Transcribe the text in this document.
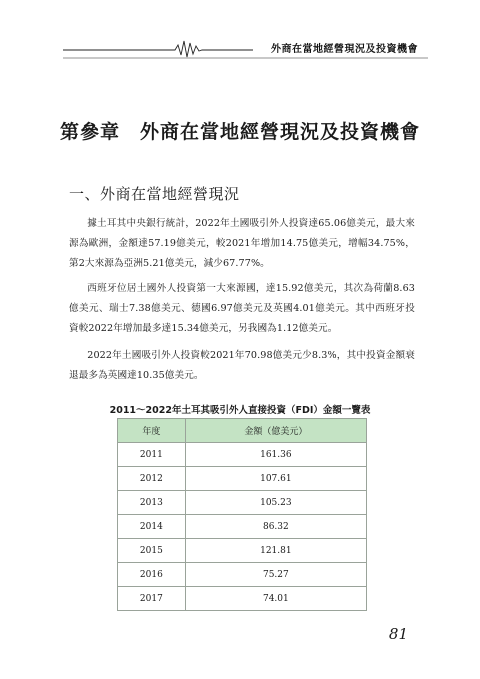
外商在當地經營現況及投資機會
第參章　外商在當地經營現況及投資機會
一、外商在當地經營現況

據土耳其中央銀行統計，2022年土國吸引外人投資達65.06億美元，最大來源為歐洲，金額達57.19億美元，較2021年增加14.75億美元，增幅34.75%，第2大來源為亞洲5.21億美元，減少67.77%。

西班牙位居土國外人投資第一大來源國，達15.92億美元，其次為荷蘭8.63億美元、瑞士7.38億美元、德國6.97億美元及英國4.01億美元。其中西班牙投資較2022年增加最多達15.34億美元，另我國為1.12億美元。

2022年土國吸引外人投資較2021年70.98億美元少8.3%，其中投資金額衰退最多為英國達10.35億美元。

2011～2022年土耳其吸引外人直接投資（FDI）金額一覽表
年度	金額（億美元）
2011	161.36
2012	107.61
2013	105.23
2014	86.32
2015	121.81
2016	75.27
2017	74.01
81
